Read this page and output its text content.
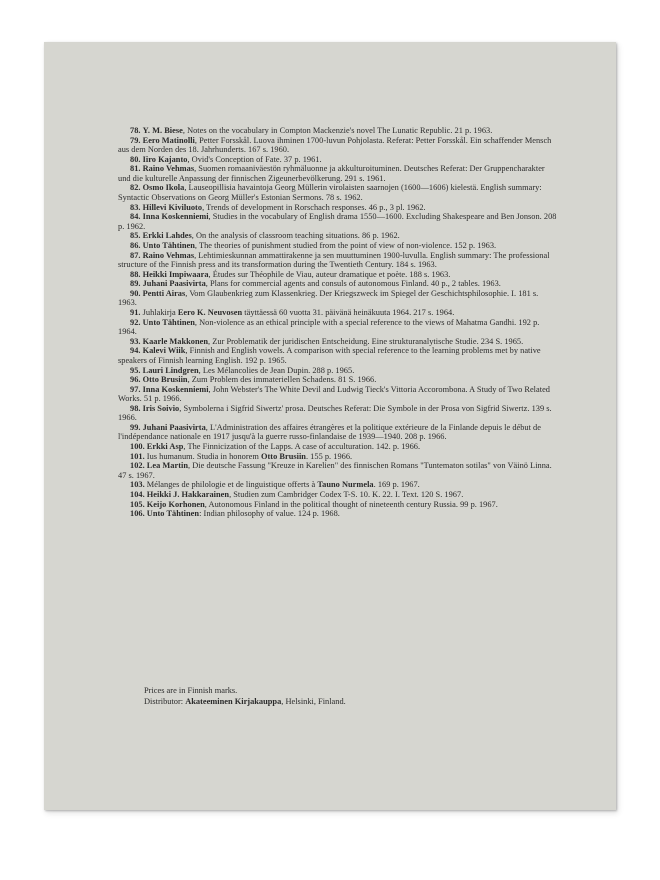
78. Y. M. Biese, Notes on the vocabulary in Compton Mackenzie's novel The Lunatic Republic. 21 p. 1963.
79. Eero Matinolli, Petter Forsskål. Luova ihminen 1700-luvun Pohjolasta. Referat: Petter Forsskål. Ein schaffender Mensch aus dem Norden des 18. Jahrhunderts. 167 s. 1960.
80. Iiro Kajanto, Ovid's Conception of Fate. 37 p. 1961.
81. Raino Vehmas, Suomen romaaniväestön ryhmäluonne ja akkulturoituminen. Deutsches Referat: Der Gruppencharakter und die kulturelle Anpassung der finnischen Zigeunerbevölkerung. 291 s. 1961.
82. Osmo Ikola, Lauseopillisia havaintoja Georg Müllerin virolaisten saarnojen (1600—1606) kielestä. English summary: Syntactic Observations on Georg Müller's Estonian Sermons. 78 s. 1962.
83. Hillevi Kiviluoto, Trends of development in Rorschach responses. 46 p., 3 pl. 1962.
84. Inna Koskenniemi, Studies in the vocabulary of English drama 1550—1600. Excluding Shakespeare and Ben Jonson. 208 p. 1962.
85. Erkki Lahdes, On the analysis of classroom teaching situations. 86 p. 1962.
86. Unto Tähtinen, The theories of punishment studied from the point of view of non-violence. 152 p. 1963.
87. Raino Vehmas, Lehtimieskunnan ammattirakenne ja sen muuttuminen 1900-luvulla. English summary: The professional structure of the Finnish press and its transformation during the Twentieth Century. 184 s. 1963.
88. Heikki Impiwaara, Études sur Théophile de Viau, auteur dramatique et poète. 188 s. 1963.
89. Juhani Paasivirta, Plans for commercial agents and consuls of autonomous Finland. 40 p., 2 tables. 1963.
90. Pentti Airas, Vom Glaubenkrieg zum Klassenkrieg. Der Kriegszweck im Spiegel der Geschichtsphilosophie. I. 181 s. 1963.
91. Juhlakirja Eero K. Neuvosen täyttäessä 60 vuotta 31. päivänä heinäkuuta 1964. 217 s. 1964.
92. Unto Tähtinen, Non-violence as an ethical principle with a special reference to the views of Mahatma Gandhi. 192 p. 1964.
93. Kaarle Makkonen, Zur Problematik der juridischen Entscheidung. Eine strukturanalytische Studie. 234 S. 1965.
94. Kalevi Wiik, Finnish and English vowels. A comparison with special reference to the learning problems met by native speakers of Finnish learning English. 192 p. 1965.
95. Lauri Lindgren, Les Mélancolies de Jean Dupin. 288 p. 1965.
96. Otto Brusiin, Zum Problem des immateriellen Schadens. 81 S. 1966.
97. Inna Koskenniemi, John Webster's The White Devil and Ludwig Tieck's Vittoria Accorombona. A Study of Two Related Works. 51 p. 1966.
98. Iris Soivio, Symbolerna i Sigfrid Siwertz' prosa. Deutsches Referat: Die Symbole in der Prosa von Sigfrid Siwertz. 139 s. 1966.
99. Juhani Paasivirta, L'Administration des affaires étrangères et la politique extérieure de la Finlande depuis le début de l'indépendance nationale en 1917 jusqu'à la guerre russo-finlandaise de 1939—1940. 208 p. 1966.
100. Erkki Asp, The Finnicization of the Lapps. A case of acculturation. 142. p. 1966.
101. Ius humanum. Studia in honorem Otto Brusiin. 155 p. 1966.
102. Lea Martin, Die deutsche Fassung "Kreuze in Karelien" des finnischen Romans "Tuntematon sotilas" von Väinö Linna. 47 s. 1967.
103. Mélanges de philologie et de linguistique offerts à Tauno Nurmela. 169 p. 1967.
104. Heikki J. Hakkarainen, Studien zum Cambridger Codex T-S. 10. K. 22. I. Text. 120 S. 1967.
105. Keijo Korhonen, Autonomous Finland in the political thought of nineteenth century Russia. 99 p. 1967.
106. Unto Tähtinen: Indian philosophy of value. 124 p. 1968.
Prices are in Finnish marks.
Distributor: Akateeminen Kirjakauppa, Helsinki, Finland.
